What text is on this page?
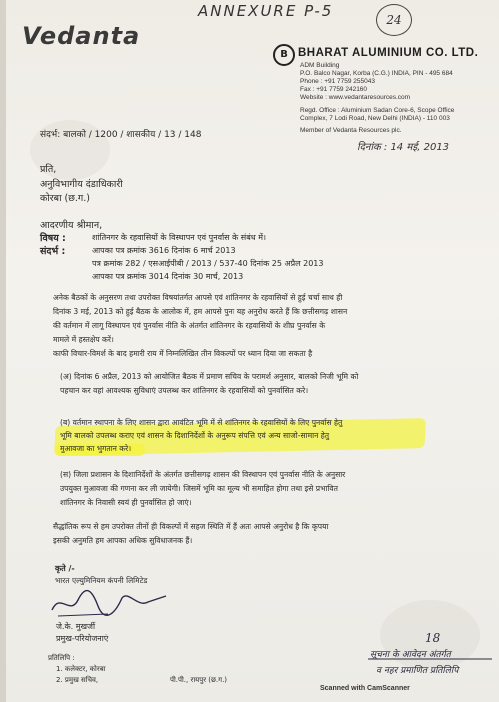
ANNEXURE P-5	24
Vedanta
B BHARAT ALUMINIUM CO. LTD.
ADM Building
P.O. Balco Nagar, Korba (C.G.) INDIA, PIN - 495 684
Phone : +91 7759 255043
Fax : +91 7759 242160
Website : www.vedantaresources.com
Regd. Office : Aluminium Sadan Core-6, Scope Office
Complex, 7 Lodi Road, New Delhi (INDIA) - 110 003
Member of Vedanta Resources plc.
संदर्भ: बालको / 1200 / शासकीय / 13 / 148
दिनांक : 14 मई, 2013
प्रति,
अनुविभागीय दंडाधिकारी
कोरबा (छ.ग.)
आदरणीय श्रीमान,
विषय :	शांतिनगर के रहवासियों के विस्थापन एवं पुनर्वास के संबंध में।
संदर्भ :	आपका पत्र क्रमांक 3616 दिनांक 6 मार्च 2013
पत्र क्रमांक 282 / एसआईपीबी / 2013 / 537-40 दिनांक 25 अप्रैल 2013
आपका पत्र क्रमांक 3014 दिनांक 30 मार्च, 2013
अनेक बैठकों के अनुसरण तथा उपरोक्त विषयांतर्गत आपसे एवं शांतिनगर के रहवासियों से हुई चर्चा साथ ही
दिनांक 3 मई, 2013 को हुई बैठक के आलोक में, हम आपसे पुनः यह अनुरोध करते हैं कि छत्तीसगढ़ शासन
की वर्तमान में लागू विस्थापन एवं पुनर्वास नीति के अंतर्गत शांतिनगर के रहवासियों के शीघ्र पुनर्वास के
मामले में हस्तक्षेप करें।
काफी विचार-विमर्श के बाद हमारी राय में निम्नलिखित तीन विकल्पों पर ध्यान दिया जा सकता है
(अ) दिनांक 6 अप्रैल, 2013 को आयोजित बैठक में प्रमाण सचिव के परामर्श अनुसार, बालको निजी भूमि को
पहचान कर वहां आवश्यक सुविधाएं उपलब्ध कर शांतिनगर के रहवासियों को पुनर्वासित करे।
(ब) वर्तमान स्थापना के लिए शासन द्वारा आवंटित भूमि में से शांतिनगर के रहवासियों के लिए पुनर्वास हेतु
भूमि बालको उपलब्ध कराए एवं शासन के दिशानिर्देशों के अनुरूप संपत्ति एवं अन्य साजो-सामान हेतु
मुआवजा का भुगतान करे।
(स) जिला प्रशासन के दिशानिर्देशों के अंतर्गत छत्तीसगढ़ शासन की विस्थापन एवं पुनर्वास नीति के अनुसार
उपयुक्त मुआवजा की गणना कर ली जायेगी। जिसमें भूमि का मूल्य भी समाहित होगा तथा इसे प्रभावित
शांतिनगर के निवासी स्वयं ही पुनर्वासित हो जाएं।
सैद्धांतिक रूप से हम उपरोक्त तीनों ही विकल्पों में सहज स्थिति में हैं अतः आपसे अनुरोध है कि कृपया
इसकी अनुमति हम आपका अधिक सुविधाजनक हैं।
कृते /-
भारत एल्युमिनियम कंपनी लिमिटेड
जे.के. मुखर्जी
प्रमुख-परियोजनाएं
प्रतिलिपि :
1. कलेक्टर, कोरबा
2. प्रमुख सचिव,	पी.पी., रायपुर (छ.ग.)
18
सूचना के आवेदन अंतर्गत
व नहर प्रमाणित प्रतिलिपि
Scanned with CamScanner
